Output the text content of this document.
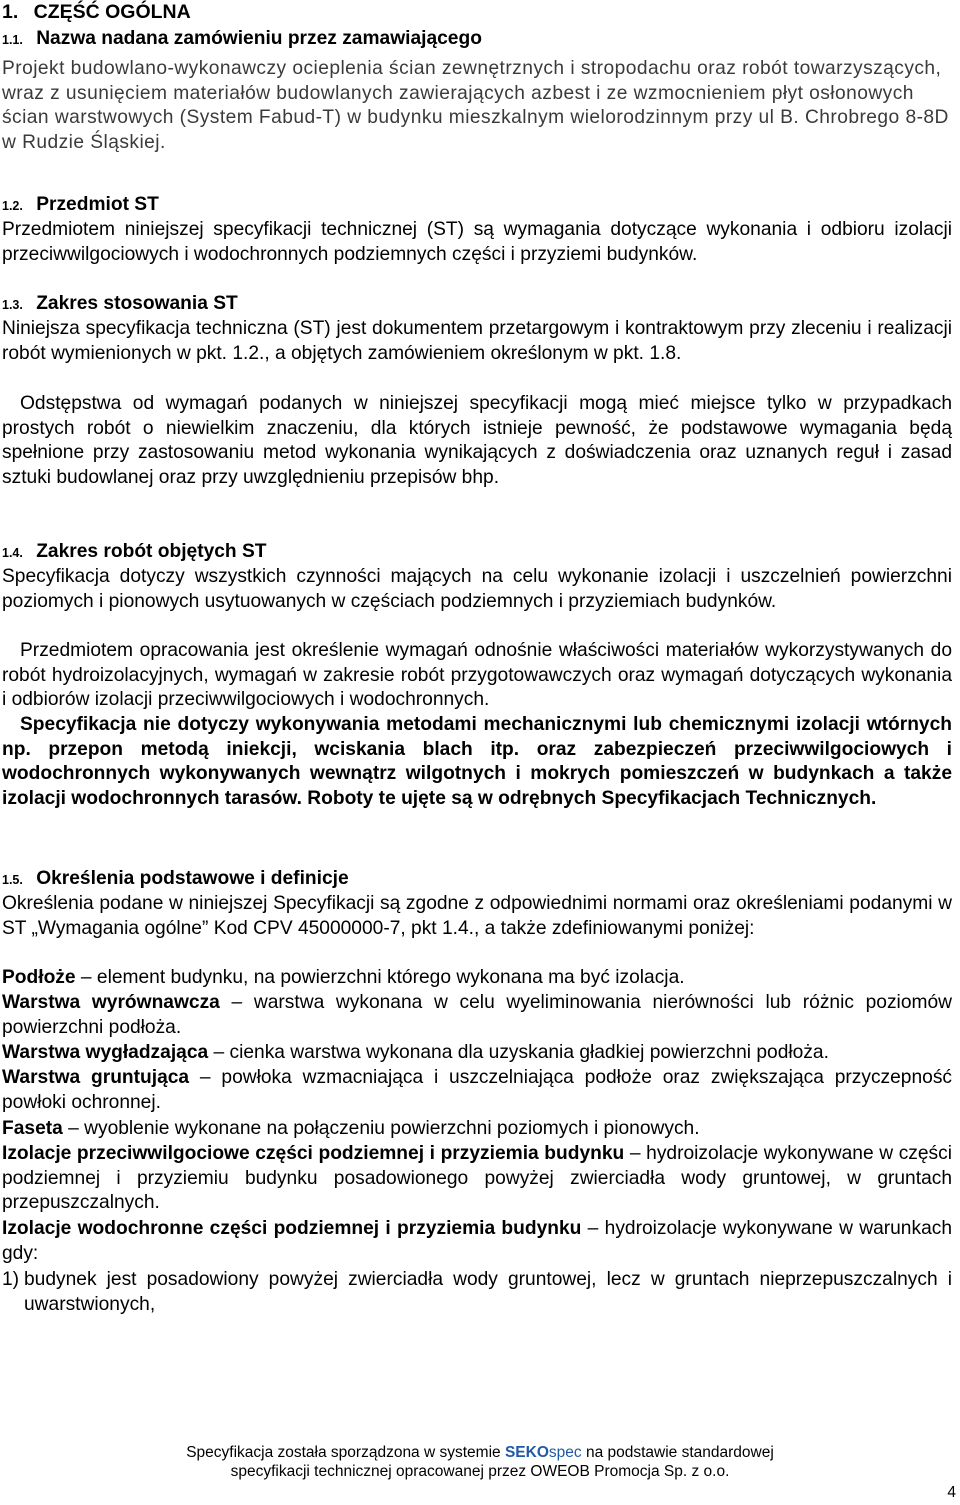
1. CZĘŚĆ OGÓLNA
1.1. Nazwa nadana zamówieniu przez zamawiającego
Projekt budowlano-wykonawczy ocieplenia ścian zewnętrznych i stropodachu oraz robót towarzyszących, wraz z usunięciem materiałów budowlanych zawierających azbest i ze wzmocnieniem płyt osłonowych ścian warstwowych (System Fabud-T) w budynku mieszkalnym wielorodzinnym przy ul B. Chrobrego 8-8D w Rudzie Śląskiej.
1.2. Przedmiot ST
Przedmiotem niniejszej specyfikacji technicznej (ST) są wymagania dotyczące wykonania i odbioru izolacji przeciwwilgociowych i wodochronnych podziemnych części i przyziemi budynków.
1.3. Zakres stosowania ST
Niniejsza specyfikacja techniczna (ST) jest dokumentem przetargowym i kontraktowym przy zleceniu i realizacji robót wymienionych w pkt. 1.2., a objętych zamówieniem określonym w pkt. 1.8.
Odstępstwa od wymagań podanych w niniejszej specyfikacji mogą mieć miejsce tylko w przypadkach prostych robót o niewielkim znaczeniu, dla których istnieje pewność, że podstawowe wymagania będą spełnione przy zastosowaniu metod wykonania wynikających z doświadczenia oraz uznanych reguł i zasad sztuki budowlanej oraz przy uwzględnieniu przepisów bhp.
1.4. Zakres robót objętych ST
Specyfikacja dotyczy wszystkich czynności mających na celu wykonanie izolacji i uszczelnień powierzchni poziomych i pionowych usytuowanych w częściach podziemnych i przyziemiach budynków.
Przedmiotem opracowania jest określenie wymagań odnośnie właściwości materiałów wykorzystywanych do robót hydroizolacyjnych, wymagań w zakresie robót przygotowawczych oraz wymagań dotyczących wykonania i odbiorów izolacji przeciwwilgociowych i wodochronnych.
Specyfikacja nie dotyczy wykonywania metodami mechanicznymi lub chemicznymi izolacji wtórnych np. przepon metodą iniekcji, wciskania blach itp. oraz zabezpieczeń przeciwwilgociowych i wodochronnych wykonywanych wewnątrz wilgotnych i mokrych pomieszczeń w budynkach a także izolacji wodochronnych tarasów. Roboty te ujęte są w odrębnych Specyfikacjach Technicznych.
1.5. Określenia podstawowe i definicje
Określenia podane w niniejszej Specyfikacji są zgodne z odpowiednimi normami oraz określeniami podanymi w ST „Wymagania ogólne” Kod CPV 45000000-7, pkt 1.4., a także zdefiniowanymi poniżej:
Podłoże – element budynku, na powierzchni którego wykonana ma być izolacja.
Warstwa wyrównawcza – warstwa wykonana w celu wyeliminowania nierówności lub różnic poziomów powierzchni podłoża.
Warstwa wygładzająca – cienka warstwa wykonana dla uzyskania gładkiej powierzchni podłoża.
Warstwa gruntująca – powłoka wzmacniająca i uszczelniająca podłoże oraz zwiększająca przyczepność powłoki ochronnej.
Faseta – wyoblenie wykonane na połączeniu powierzchni poziomych i pionowych.
Izolacje przeciwwilgociowe części podziemnej i przyziemia budynku – hydroizolacje wykonywane w części podziemnej i przyziemiu budynku posadowionego powyżej zwierciadła wody gruntowej, w gruntach przepuszczalnych.
Izolacje wodochronne części podziemnej i przyziemia budynku – hydroizolacje wykonywane w warunkach gdy:
1) budynek jest posadowiony powyżej zwierciadła wody gruntowej, lecz w gruntach nieprzepuszczalnych i uwarstwionych,
Specyfikacja została sporządzona w systemie SEKOspec na podstawie standardowej
specyfikacji technicznej opracowanej przez OWEOB Promocja Sp. z o.o.
4
